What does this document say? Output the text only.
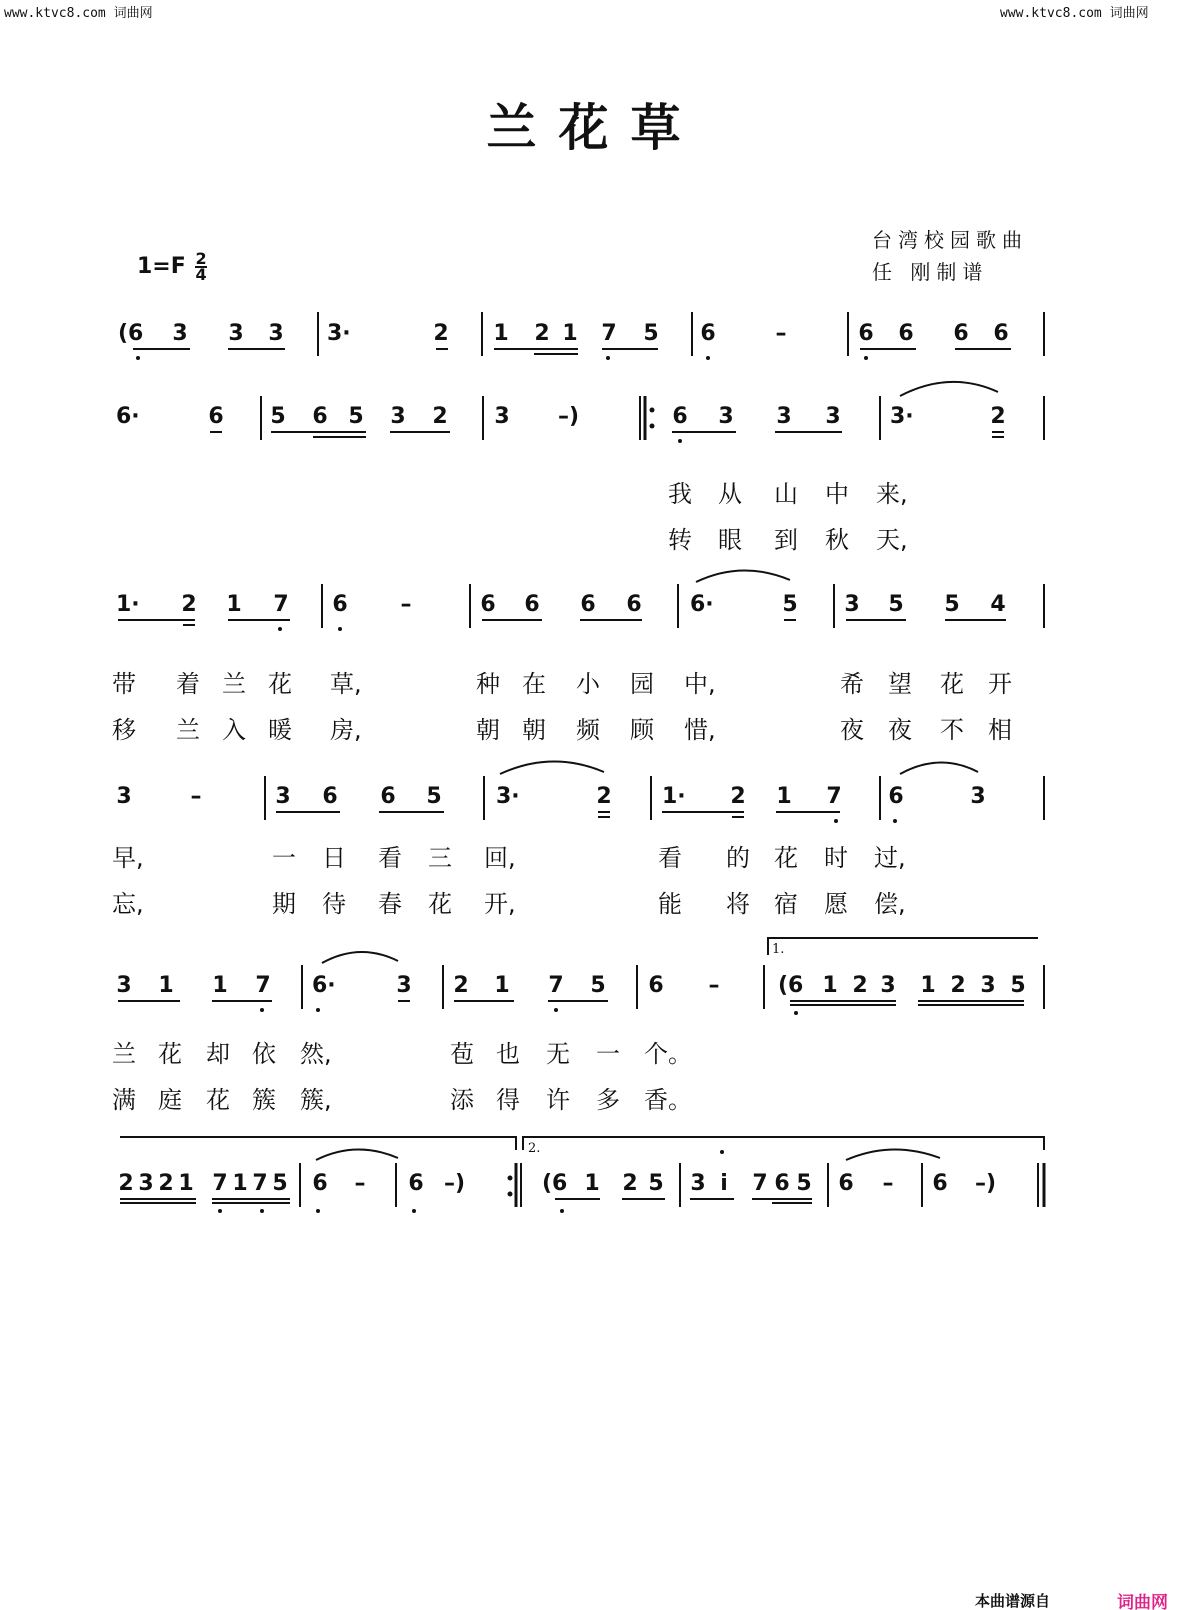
www.ktvc8.com 词曲网	www.ktvc8.com 词曲网
兰花草
台湾校园歌曲
任 刚制谱
$1=F \frac{2}{4}$
1.
2.
(6 3 3 3 3·	2 1 2 1 7 5 6	–	6 6 6 6
6·	6 5 6 5 3 2 3 –)	6 3 3 3 3·	2
我 从 山 中 来,
转 眼 到 秋 天,
1· 2 1 7 6 –	6 6 6 6 6·	5 3 5 5 4
带 着 兰 花 草,	种 在 小 园 中,	希 望 花 开
移 兰 入 暖 房,	朝 朝 频 顾 惜,	夜 夜 不 相
3	–	3 6 6 5 3·	2 1· 2 1 7 6	3
早,	一 日 看 三 回,	看 的 花 时 过,
忘,	期 待 春 花 开,	能 将 宿 愿 偿,
3 1 1 7 6·	3 2 1 7 5 6 –	(6 1 2 3 1 2 3 5
兰 花 却 依 然,	苞 也 无 一 个。
满 庭 花 簇 簇,	添 得 许 多 香。
2 3 2 1 7 1 7 5 6 – 6 –)	(6 1 2 5 3 i 7 6 5 6 – 6 –)
本曲谱源自	词曲网
